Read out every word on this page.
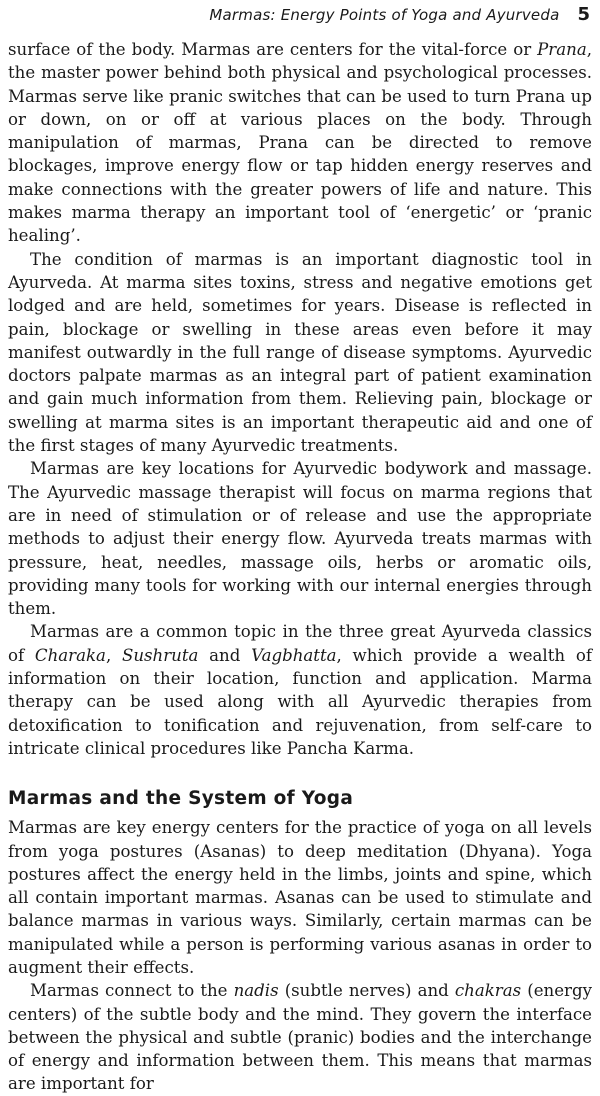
Marmas: Energy Points of Yoga and Ayurveda 5

surface of the body. Marmas are centers for the vital-force or Prana, the master power behind both physical and psychological processes. Marmas serve like pranic switches that can be used to turn Prana up or down, on or off at various places on the body. Through manipulation of marmas, Prana can be directed to remove blockages, improve energy flow or tap hidden energy reserves and make connections with the greater powers of life and nature. This makes marma therapy an important tool of ‘energetic’ or ‘pranic healing’.

The condition of marmas is an important diagnostic tool in Ayurveda. At marma sites toxins, stress and negative emotions get lodged and are held, sometimes for years. Disease is reflected in pain, blockage or swelling in these areas even before it may manifest outwardly in the full range of disease symptoms. Ayurvedic doctors palpate marmas as an integral part of patient examination and gain much information from them. Relieving pain, blockage or swelling at marma sites is an important therapeutic aid and one of the first stages of many Ayurvedic treatments.

Marmas are key locations for Ayurvedic bodywork and massage. The Ayurvedic massage therapist will focus on marma regions that are in need of stimulation or of release and use the appropriate methods to adjust their energy flow. Ayurveda treats marmas with pressure, heat, needles, massage oils, herbs or aromatic oils, providing many tools for working with our internal energies through them.

Marmas are a common topic in the three great Ayurveda classics of Charaka, Sushruta and Vagbhatta, which provide a wealth of information on their location, function and application. Marma therapy can be used along with all Ayurvedic therapies from detoxification to tonification and rejuvenation, from self-care to intricate clinical procedures like Pancha Karma.

Marmas and the System of Yoga

Marmas are key energy centers for the practice of yoga on all levels from yoga postures (Asanas) to deep meditation (Dhyana). Yoga postures affect the energy held in the limbs, joints and spine, which all contain important marmas. Asanas can be used to stimulate and balance marmas in various ways. Similarly, certain marmas can be manipulated while a person is performing various asanas in order to augment their effects.

Marmas connect to the nadis (subtle nerves) and chakras (energy centers) of the subtle body and the mind. They govern the interface between the physical and subtle (pranic) bodies and the interchange of energy and information between them. This means that marmas are important for
